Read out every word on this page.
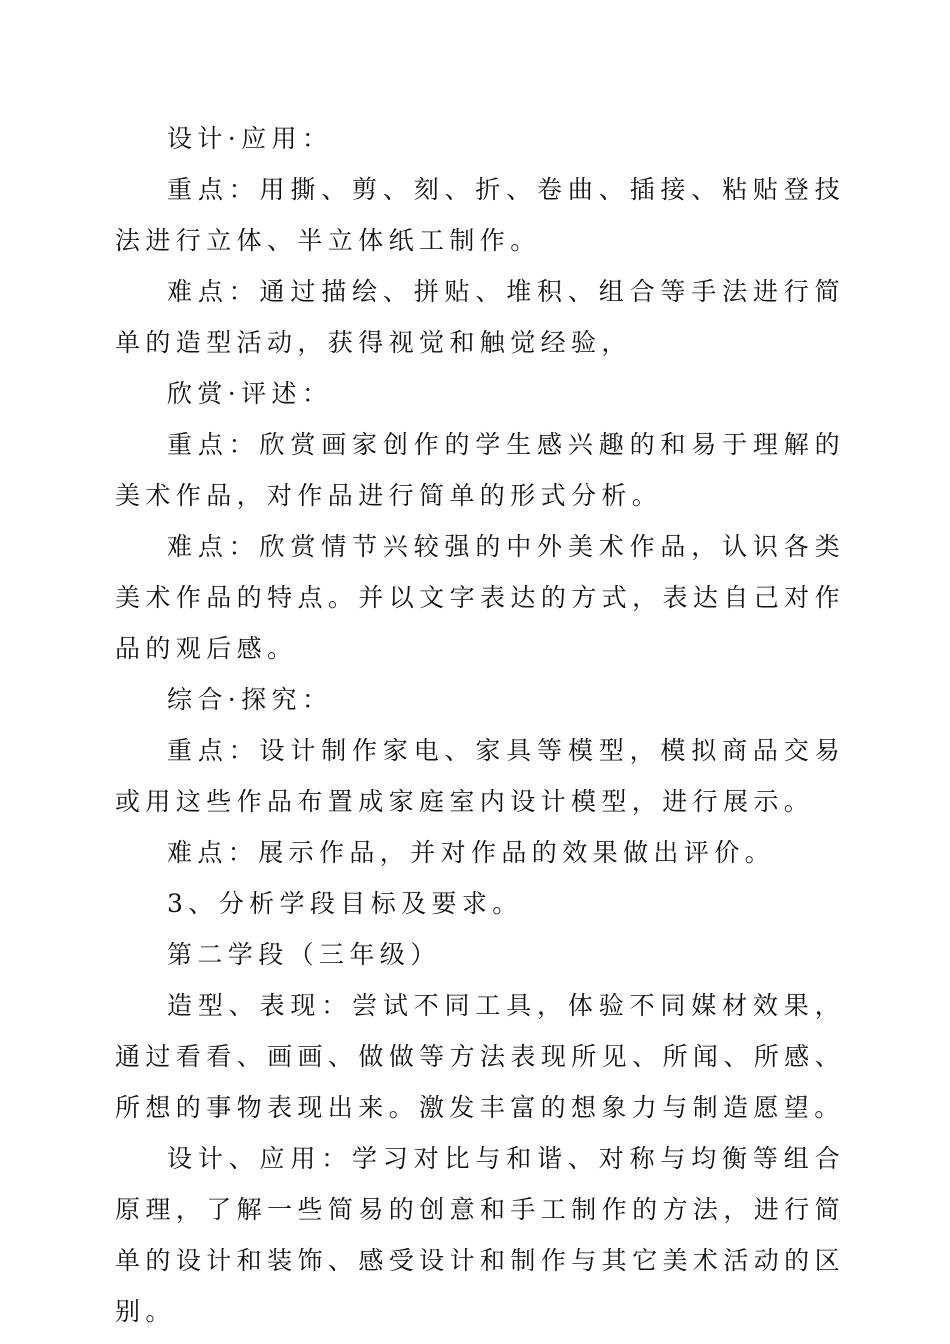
设计·应用：

重点：用撕、剪、刻、折、卷曲、插接、粘贴登技法进行立体、半立体纸工制作。

难点：通过描绘、拼贴、堆积、组合等手法进行简单的造型活动，获得视觉和触觉经验，

欣赏·评述：

重点：欣赏画家创作的学生感兴趣的和易于理解的美术作品，对作品进行简单的形式分析。

难点：欣赏情节兴较强的中外美术作品，认识各类美术作品的特点。并以文字表达的方式，表达自己对作品的观后感。

综合·探究：

重点：设计制作家电、家具等模型，模拟商品交易或用这些作品布置成家庭室内设计模型，进行展示。

难点：展示作品，并对作品的效果做出评价。

3、分析学段目标及要求。

第二学段（三年级）

造型、表现：尝试不同工具，体验不同媒材效果，通过看看、画画、做做等方法表现所见、所闻、所感、所想的事物表现出来。激发丰富的想象力与制造愿望。

设计、应用：学习对比与和谐、对称与均衡等组合原理，了解一些简易的创意和手工制作的方法，进行简单的设计和装饰、感受设计和制作与其它美术活动的区别。
